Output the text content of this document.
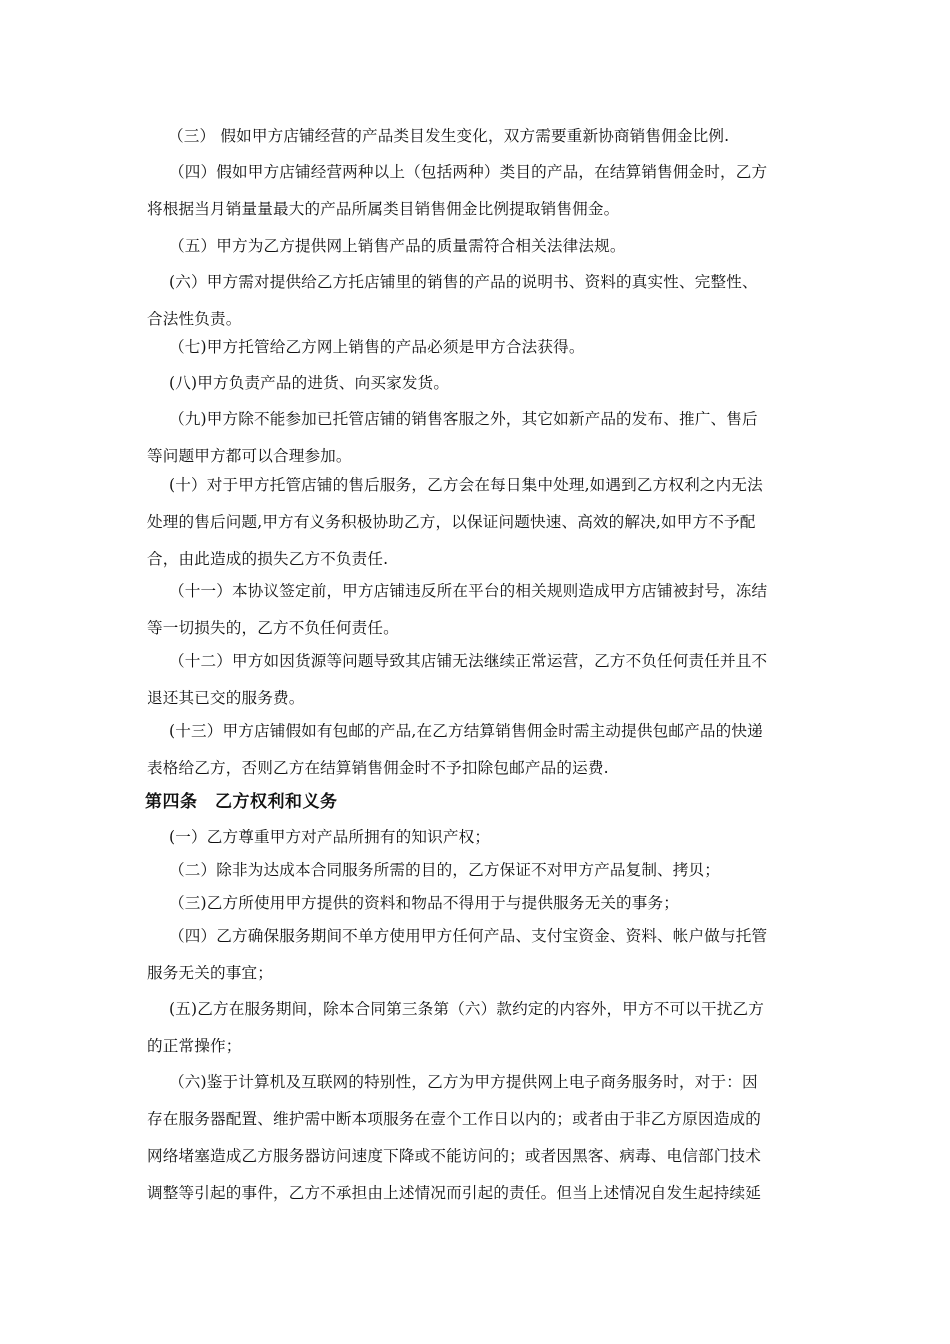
（三） 假如甲方店铺经营的产品类目发生变化，双方需要重新协商销售佣金比例.
（四）假如甲方店铺经营两种以上（包括两种）类目的产品，在结算销售佣金时，乙方
将根据当月销量量最大的产品所属类目销售佣金比例提取销售佣金。
（五）甲方为乙方提供网上销售产品的质量需符合相关法律法规。
(六）甲方需对提供给乙方托店铺里的销售的产品的说明书、资料的真实性、完整性、
合法性负责。
（七)甲方托管给乙方网上销售的产品必须是甲方合法获得。
(八)甲方负责产品的进货、向买家发货。
（九)甲方除不能参加已托管店铺的销售客服之外，其它如新产品的发布、推广、售后
等问题甲方都可以合理参加。
(十）对于甲方托管店铺的售后服务，乙方会在每日集中处理,如遇到乙方权利之内无法
处理的售后问题,甲方有义务积极协助乙方，以保证问题快速、高效的解决,如甲方不予配
合，由此造成的损失乙方不负责任.
（十一）本协议签定前，甲方店铺违反所在平台的相关规则造成甲方店铺被封号，冻结
等一切损失的，乙方不负任何责任。
（十二）甲方如因货源等问题导致其店铺无法继续正常运营，乙方不负任何责任并且不
退还其已交的服务费。
(十三）甲方店铺假如有包邮的产品,在乙方结算销售佣金时需主动提供包邮产品的快递
表格给乙方，否则乙方在结算销售佣金时不予扣除包邮产品的运费.
第四条　乙方权利和义务
(一）乙方尊重甲方对产品所拥有的知识产权；
（二）除非为达成本合同服务所需的目的，乙方保证不对甲方产品复制、拷贝；
（三)乙方所使用甲方提供的资料和物品不得用于与提供服务无关的事务；
（四）乙方确保服务期间不单方使用甲方任何产品、支付宝资金、资料、帐户做与托管
服务无关的事宜；
(五)乙方在服务期间，除本合同第三条第（六）款约定的内容外，甲方不可以干扰乙方
的正常操作；
（六)鉴于计算机及互联网的特别性，乙方为甲方提供网上电子商务服务时，对于：因
存在服务器配置、维护需中断本项服务在壹个工作日以内的；或者由于非乙方原因造成的
网络堵塞造成乙方服务器访问速度下降或不能访问的；或者因黑客、病毒、电信部门技术
调整等引起的事件，乙方不承担由上述情况而引起的责任。但当上述情况自发生起持续延
